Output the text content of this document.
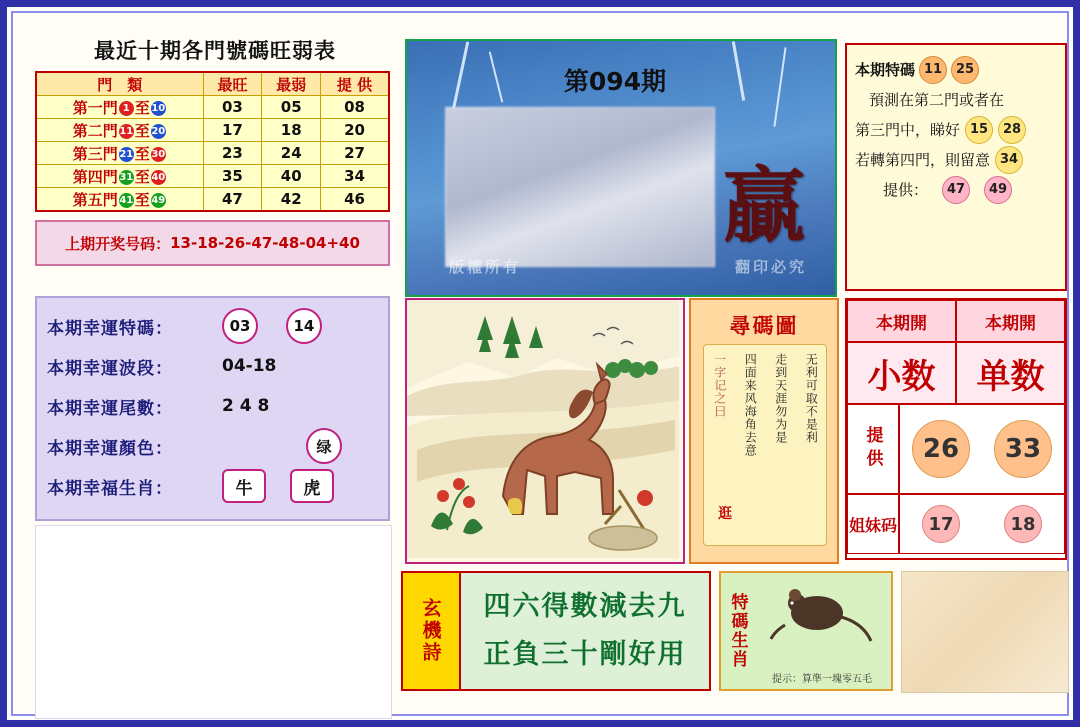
最近十期各門號碼旺弱表
門　類	最旺	最弱	提 供
第一門 1 至 10	03	05	08
第二門 11 至 20	17	18	20
第三門 21 至 30	23	24	27
第四門 31 至 40	35	40	34
第五門 41 至 49	47	42	46
上期开奖号码： 13-18-26-47-48-04+40
本期幸運特碼：	03	14
本期幸運波段：	04-18
本期幸運尾數：	2 4 8
本期幸運顏色：	绿
本期幸福生肖：	牛	虎
第094期
贏
版權所有	翻印必究
本期特碼 11	25
預測在第二門或者在
第三門中，睇好 15	28
若轉第四門，則留意 34
提供：	47	49
尋碼圖
无利可取不是利
走到天涯勿为是
四面来风海角去意
一字记之曰
逛
本期開	本期開
小数	单数
提供	26	33
姐妹码	17	18
玄機詩 四六得數減去九
正負三十剛好用 特碼生肖
提示：算準一塊零五毛
